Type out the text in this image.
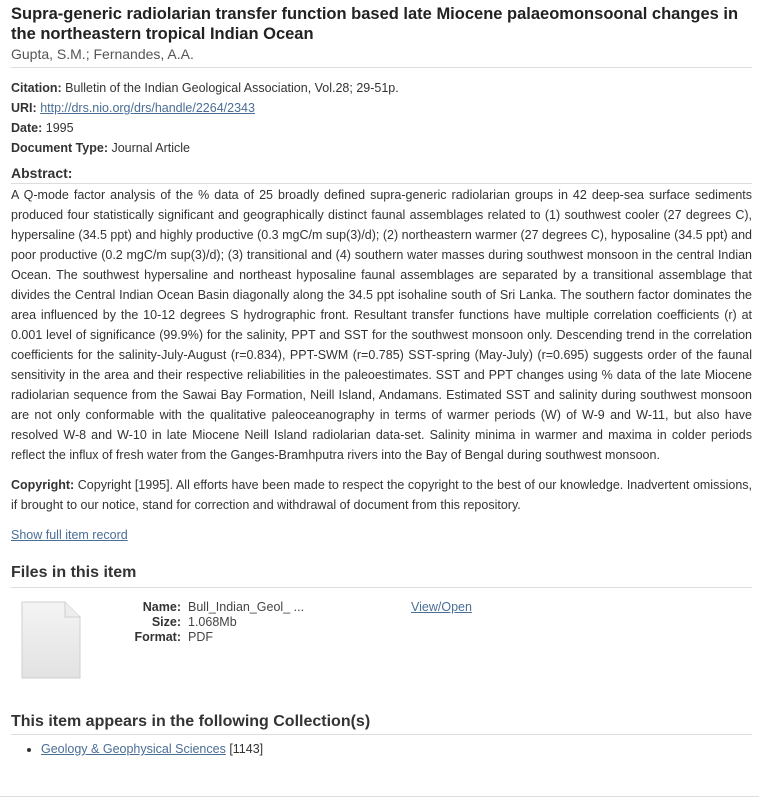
Supra-generic radiolarian transfer function based late Miocene palaeomonsoonal changes in the northeastern tropical Indian Ocean
Gupta, S.M.; Fernandes, A.A.
Citation: Bulletin of the Indian Geological Association, Vol.28; 29-51p.
URI: http://drs.nio.org/drs/handle/2264/2343
Date: 1995
Document Type: Journal Article
Abstract:
A Q-mode factor analysis of the % data of 25 broadly defined supra-generic radiolarian groups in 42 deep-sea surface sediments produced four statistically significant and geographically distinct faunal assemblages related to (1) southwest cooler (27 degrees C), hypersaline (34.5 ppt) and highly productive (0.3 mgC/m sup(3)/d); (2) northeastern warmer (27 degrees C), hyposaline (34.5 ppt) and poor productive (0.2 mgC/m sup(3)/d); (3) transitional and (4) southern water masses during southwest monsoon in the central Indian Ocean. The southwest hypersaline and northeast hyposaline faunal assemblages are separated by a transitional assemblage that divides the Central Indian Ocean Basin diagonally along the 34.5 ppt isohaline south of Sri Lanka. The southern factor dominates the area influenced by the 10-12 degrees S hydrographic front. Resultant transfer functions have multiple correlation coefficients (r) at 0.001 level of significance (99.9%) for the salinity, PPT and SST for the southwest monsoon only. Descending trend in the correlation coefficients for the salinity-July-August (r=0.834), PPT-SWM (r=0.785) SST-spring (May-July) (r=0.695) suggests order of the faunal sensitivity in the area and their respective reliabilities in the paleoestimates. SST and PPT changes using % data of the late Miocene radiolarian sequence from the Sawai Bay Formation, Neill Island, Andamans. Estimated SST and salinity during southwest monsoon are not only conformable with the qualitative paleoceanography in terms of warmer periods (W) of W-9 and W-11, but also have resolved W-8 and W-10 in late Miocene Neill Island radiolarian data-set. Salinity minima in warmer and maxima in colder periods reflect the influx of fresh water from the Ganges-Bramhputra rivers into the Bay of Bengal during southwest monsoon.
Copyright: Copyright [1995]. All efforts have been made to respect the copyright to the best of our knowledge. Inadvertent omissions, if brought to our notice, stand for correction and withdrawal of document from this repository.
Show full item record
Files in this item
Name: Bull_Indian_Geol_ ...
Size: 1.068Mb
Format: PDF
View/Open
This item appears in the following Collection(s)
• Geology & Geophysical Sciences [1143]
